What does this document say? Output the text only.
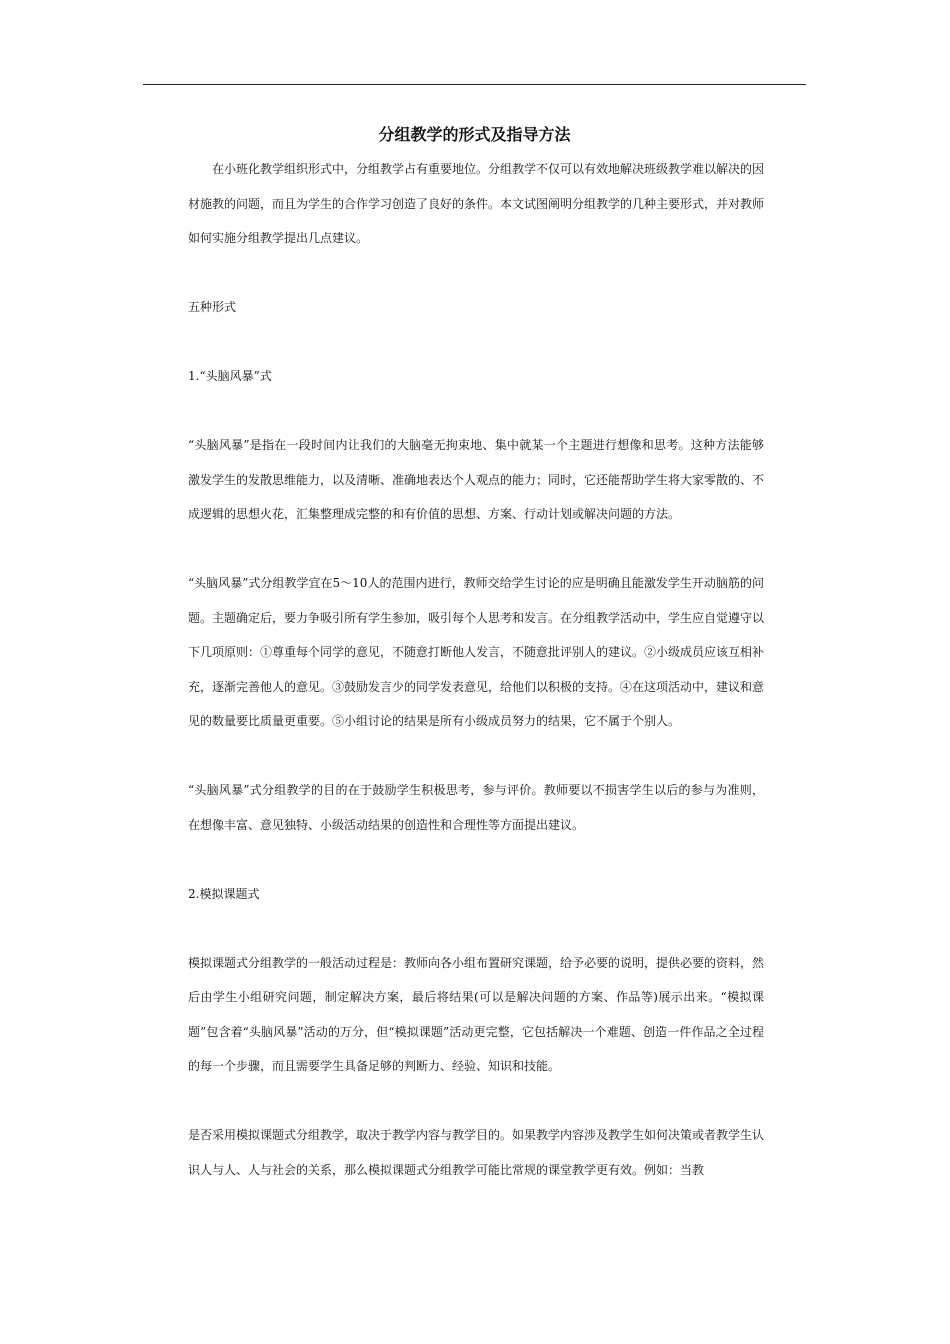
分组教学的形式及指导方法

在小班化教学组织形式中，分组教学占有重要地位。分组教学不仅可以有效地解决班级教学难以解决的因材施教的问题，而且为学生的合作学习创造了良好的条件。本文试图阐明分组教学的几种主要形式，并对教师如何实施分组教学提出几点建议。

五种形式

1.“头脑风暴”式

“头脑风暴”是指在一段时间内让我们的大脑毫无拘束地、集中就某一个主题进行想像和思考。这种方法能够激发学生的发散思维能力，以及清晰、准确地表达个人观点的能力；同时，它还能帮助学生将大家零散的、不成逻辑的思想火花，汇集整理成完整的和有价值的思想、方案、行动计划或解决问题的方法。

“头脑风暴”式分组教学宜在5～10人的范围内进行，教师交给学生讨论的应是明确且能激发学生开动脑筋的问题。主题确定后，要力争吸引所有学生参加，吸引每个人思考和发言。在分组教学活动中，学生应自觉遵守以下几项原则：①尊重每个同学的意见，不随意打断他人发言，不随意批评别人的建议。②小级成员应该互相补充，逐渐完善他人的意见。③鼓励发言少的同学发表意见，给他们以积极的支持。④在这项活动中，建议和意见的数量要比质量更重要。⑤小组讨论的结果是所有小级成员努力的结果，它不属于个别人。

“头脑风暴”式分组教学的目的在于鼓励学生积极思考，参与评价。教师要以不损害学生以后的参与为准则，在想像丰富、意见独特、小级活动结果的创造性和合理性等方面提出建议。

2.模拟课题式

模拟课题式分组教学的一般活动过程是：教师向各小组布置研究课题，给予必要的说明，提供必要的资料，然后由学生小组研究问题，制定解决方案，最后将结果(可以是解决问题的方案、作品等)展示出来。“模拟课题”包含着“头脑风暴”活动的万分，但“模拟课题”活动更完整，它包括解决一个难题、创造一件作品之全过程的每一个步骤，而且需要学生具备足够的判断力、经验、知识和技能。

是否采用模拟课题式分组教学，取决于教学内容与教学目的。如果教学内容涉及教学生如何决策或者教学生认识人与人、人与社会的关系，那么模拟课题式分组教学可能比常规的课堂教学更有效。例如：当教
